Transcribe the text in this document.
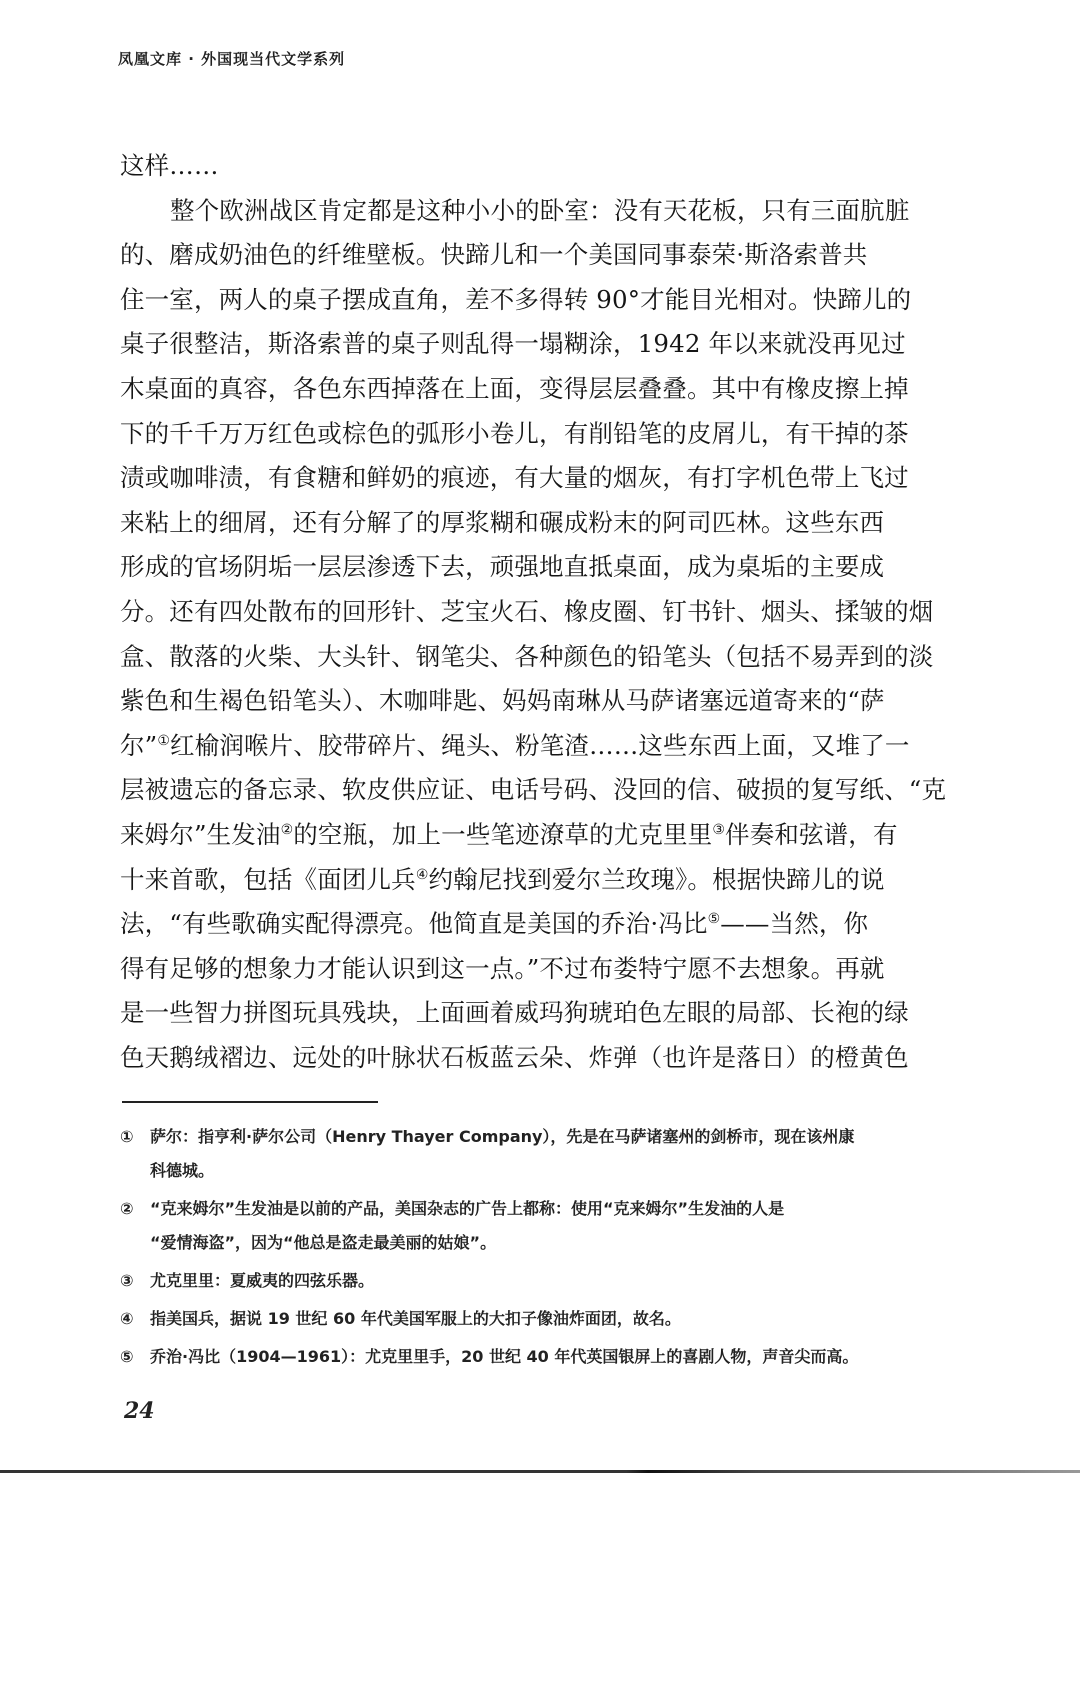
凤凰文库 · 外国现当代文学系列
这样……
整个欧洲战区肯定都是这种小小的卧室：没有天花板，只有三面肮脏
的、磨成奶油色的纤维壁板。快蹄儿和一个美国同事泰荣·斯洛索普共
住一室，两人的桌子摆成直角，差不多得转 90°才能目光相对。快蹄儿的
桌子很整洁，斯洛索普的桌子则乱得一塌糊涂，1942 年以来就没再见过
木桌面的真容，各色东西掉落在上面，变得层层叠叠。其中有橡皮擦上掉
下的千千万万红色或棕色的弧形小卷儿，有削铅笔的皮屑儿，有干掉的茶
渍或咖啡渍，有食糖和鲜奶的痕迹，有大量的烟灰，有打字机色带上飞过
来粘上的细屑，还有分解了的厚浆糊和碾成粉末的阿司匹林。这些东西
形成的官场阴垢一层层渗透下去，顽强地直抵桌面，成为桌垢的主要成
分。还有四处散布的回形针、芝宝火石、橡皮圈、钉书针、烟头、揉皱的烟
盒、散落的火柴、大头针、钢笔尖、各种颜色的铅笔头（包括不易弄到的淡
紫色和生褐色铅笔头）、木咖啡匙、妈妈南琳从马萨诸塞远道寄来的“萨
尔”①红榆润喉片、胶带碎片、绳头、粉笔渣……这些东西上面，又堆了一
层被遗忘的备忘录、软皮供应证、电话号码、没回的信、破损的复写纸、“克
来姆尔”生发油②的空瓶，加上一些笔迹潦草的尤克里里③伴奏和弦谱，有
十来首歌，包括《面团儿兵④约翰尼找到爱尔兰玫瑰》。根据快蹄儿的说
法，“有些歌确实配得漂亮。他简直是美国的乔治·冯比⑤——当然，你
得有足够的想象力才能认识到这一点。”不过布娄特宁愿不去想象。再就
是一些智力拼图玩具残块，上面画着威玛狗琥珀色左眼的局部、长袍的绿
色天鹅绒褶边、远处的叶脉状石板蓝云朵、炸弹（也许是落日）的橙黄色
①	萨尔：指亨利·萨尔公司（Henry Thayer Company），先是在马萨诸塞州的剑桥市，现在该州康
科德城。
②	“克来姆尔”生发油是以前的产品，美国杂志的广告上都称：使用“克来姆尔”生发油的人是
“爱情海盗”，因为“他总是盗走最美丽的姑娘”。
③	尤克里里：夏威夷的四弦乐器。
④	指美国兵，据说 19 世纪 60 年代美国军服上的大扣子像油炸面团，故名。
⑤	乔治·冯比（1904—1961）：尤克里里手，20 世纪 40 年代英国银屏上的喜剧人物，声音尖而高。
24
